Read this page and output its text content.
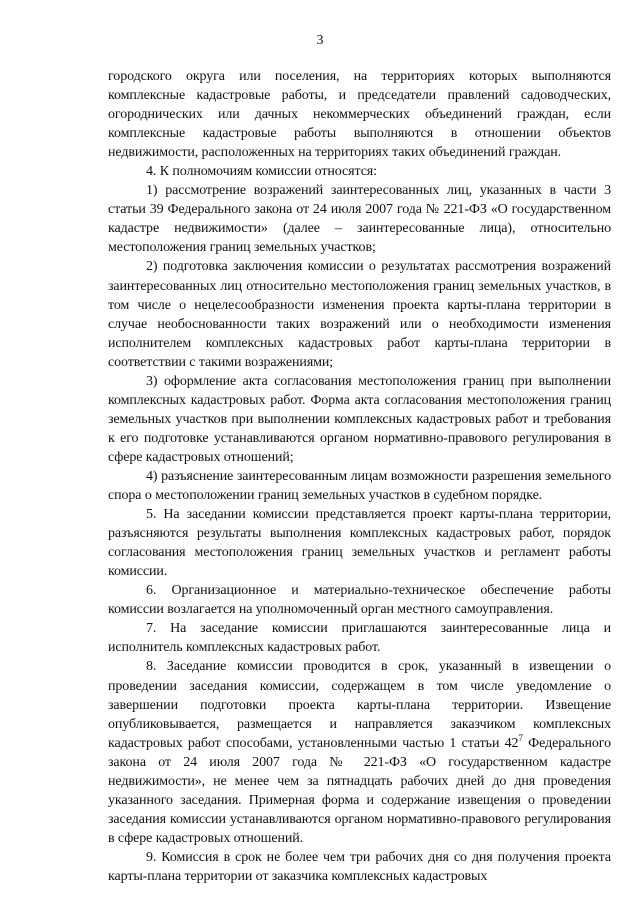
3

городского округа или поселения, на территориях которых выполняются комплексные кадастровые работы, и председатели правлений садоводческих, огороднических или дачных некоммерческих объединений граждан, если комплексные кадастровые работы выполняются в отношении объектов недвижимости, расположенных на территориях таких объединений граждан.

4. К полномочиям комиссии относятся:

1) рассмотрение возражений заинтересованных лиц, указанных в части 3 статьи 39 Федерального закона от 24 июля 2007 года № 221-ФЗ «О государственном кадастре недвижимости» (далее – заинтересованные лица), относительно местоположения границ земельных участков;

2) подготовка заключения комиссии о результатах рассмотрения возражений заинтересованных лиц относительно местоположения границ земельных участков, в том числе о нецелесообразности изменения проекта карты-плана территории в случае необоснованности таких возражений или о необходимости изменения исполнителем комплексных кадастровых работ карты-плана территории в соответствии с такими возражениями;

3) оформление акта согласования местоположения границ при выполнении комплексных кадастровых работ. Форма акта согласования местоположения границ земельных участков при выполнении комплексных кадастровых работ и требования к его подготовке устанавливаются органом нормативно-правового регулирования в сфере кадастровых отношений;

4) разъяснение заинтересованным лицам возможности разрешения земельного спора о местоположении границ земельных участков в судебном порядке.

5. На заседании комиссии представляется проект карты-плана территории, разъясняются результаты выполнения комплексных кадастровых работ, порядок согласования местоположения границ земельных участков и регламент работы комиссии.

6. Организационное и материально-техническое обеспечение работы комиссии возлагается на уполномоченный орган местного самоуправления.

7. На заседание комиссии приглашаются заинтересованные лица и исполнитель комплексных кадастровых работ.

8. Заседание комиссии проводится в срок, указанный в извещении о проведении заседания комиссии, содержащем в том числе уведомление о завершении подготовки проекта карты-плана территории. Извещение опубликовывается, размещается и направляется заказчиком комплексных кадастровых работ способами, установленными частью 1 статьи $42^7$ Федерального закона от 24 июля 2007 года № 221-ФЗ «О государственном кадастре недвижимости», не менее чем за пятнадцать рабочих дней до дня проведения указанного заседания. Примерная форма и содержание извещения о проведении заседания комиссии устанавливаются органом нормативно-правового регулирования в сфере кадастровых отношений.

9. Комиссия в срок не более чем три рабочих дня со дня получения проекта карты-плана территории от заказчика комплексных кадастровых
